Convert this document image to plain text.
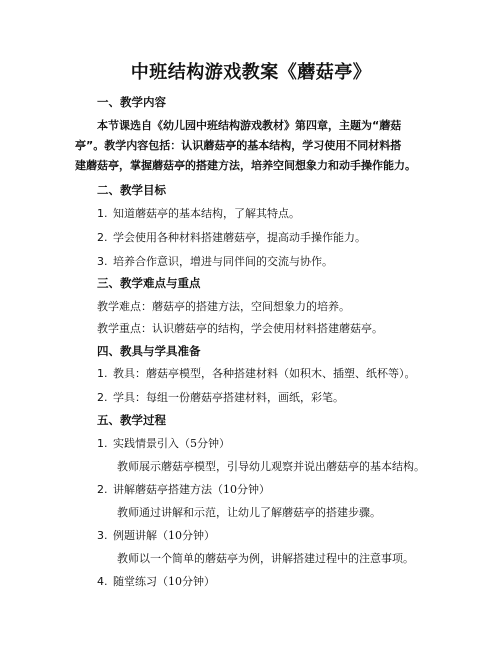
中班结构游戏教案《蘑菇亭》
一、教学内容
本节课选自《幼儿园中班结构游戏教材》第四章，主题为“蘑菇
亭”。教学内容包括：认识蘑菇亭的基本结构，学习使用不同材料搭
建蘑菇亭，掌握蘑菇亭的搭建方法，培养空间想象力和动手操作能力。
二、教学目标
1. 知道蘑菇亭的基本结构，了解其特点。
2. 学会使用各种材料搭建蘑菇亭，提高动手操作能力。
3. 培养合作意识，增进与同伴间的交流与协作。
三、教学难点与重点
教学难点：蘑菇亭的搭建方法，空间想象力的培养。
教学重点：认识蘑菇亭的结构，学会使用材料搭建蘑菇亭。
四、教具与学具准备
1. 教具：蘑菇亭模型，各种搭建材料（如积木、插塑、纸杯等）。
2. 学具：每组一份蘑菇亭搭建材料，画纸，彩笔。
五、教学过程
1. 实践情景引入（5分钟）
教师展示蘑菇亭模型，引导幼儿观察并说出蘑菇亭的基本结构。
2. 讲解蘑菇亭搭建方法（10分钟）
教师通过讲解和示范，让幼儿了解蘑菇亭的搭建步骤。
3. 例题讲解（10分钟）
教师以一个简单的蘑菇亭为例，讲解搭建过程中的注意事项。
4. 随堂练习（10分钟）
